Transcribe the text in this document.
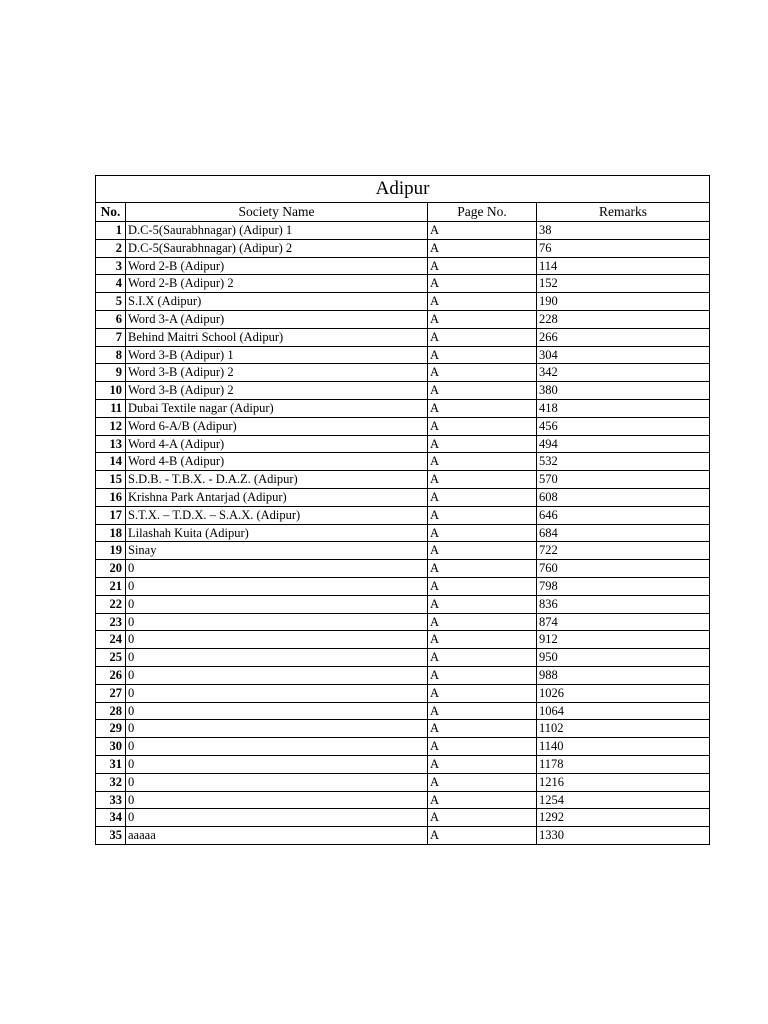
Adipur			
No.	Society Name	Page No.	Remarks
1	D.C-5(Saurabhnagar) (Adipur) 1	A	38
2	D.C-5(Saurabhnagar) (Adipur) 2	A	76
3	Word 2-B (Adipur)	A	114
4	Word 2-B (Adipur) 2	A	152
5	S.I.X (Adipur)	A	190
6	Word 3-A (Adipur)	A	228
7	Behind Maitri School (Adipur)	A	266
8	Word 3-B (Adipur) 1	A	304
9	Word 3-B (Adipur) 2	A	342
10	Word 3-B (Adipur) 2	A	380
11	Dubai Textile nagar (Adipur)	A	418
12	Word 6-A/B (Adipur)	A	456
13	Word 4-A (Adipur)	A	494
14	Word 4-B (Adipur)	A	532
15	S.D.B. - T.B.X. - D.A.Z. (Adipur)	A	570
16	Krishna Park Antarjad (Adipur)	A	608
17	S.T.X. – T.D.X. – S.A.X. (Adipur)	A	646
18	Lilashah Kuita (Adipur)	A	684
19	Sinay	A	722
20	0	A	760
21	0	A	798
22	0	A	836
23	0	A	874
24	0	A	912
25	0	A	950
26	0	A	988
27	0	A	1026
28	0	A	1064
29	0	A	1102
30	0	A	1140
31	0	A	1178
32	0	A	1216
33	0	A	1254
34	0	A	1292
35	aaaaa	A	1330
